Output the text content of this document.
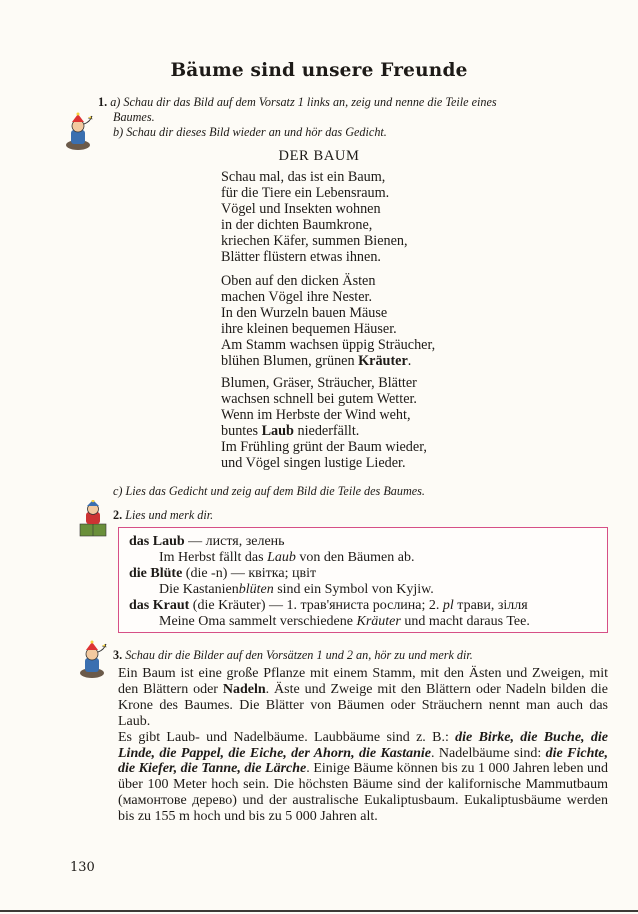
Bäume sind unsere Freunde
1. a) Schau dir das Bild auf dem Vorsatz 1 links an, zeig und nenne die Teile eines
Baumes.
b) Schau dir dieses Bild wieder an und hör das Gedicht.
DER BAUM
Schau mal, das ist ein Baum,
für die Tiere ein Lebensraum.
Vögel und Insekten wohnen
in der dichten Baumkrone,
kriechen Käfer, summen Bienen,
Blätter flüstern etwas ihnen.
Oben auf den dicken Ästen
machen Vögel ihre Nester.
In den Wurzeln bauen Mäuse
ihre kleinen bequemen Häuser.
Am Stamm wachsen üppig Sträucher,
blühen Blumen, grünen Kräuter.
Blumen, Gräser, Sträucher, Blätter
wachsen schnell bei gutem Wetter.
Wenn im Herbste der Wind weht,
buntes Laub niederfällt.
Im Frühling grünt der Baum wieder,
und Vögel singen lustige Lieder.
c) Lies das Gedicht und zeig auf dem Bild die Teile des Baumes.
2. Lies und merk dir.
das Laub — листя, зелень
Im Herbst fällt das Laub von den Bäumen ab.
die Blüte (die -n) — квітка; цвіт
Die Kastanienblüten sind ein Symbol von Kyjiw.
das Kraut (die Kräuter) — 1. трав'яниста рослина; 2. pl трави, зілля
Meine Oma sammelt verschiedene Kräuter und macht daraus Tee.
3. Schau dir die Bilder auf den Vorsätzen 1 und 2 an, hör zu und merk dir.

Ein Baum ist eine große Pflanze mit einem Stamm, mit den Ästen und Zweigen, mit den Blättern oder Nadeln. Äste und Zweige mit den Blättern oder Nadeln bilden die Krone des Baumes. Die Blätter von Bäumen oder Sträuchern nennt man auch das Laub.

Es gibt Laub- und Nadelbäume. Laubbäume sind z. B.: die Birke, die Buche, die Linde, die Pappel, die Eiche, der Ahorn, die Kastanie. Nadelbäume sind: die Fichte, die Kiefer, die Tanne, die Lärche. Einige Bäume können bis zu 1 000 Jahren leben und über 100 Meter hoch sein. Die höchsten Bäume sind der kalifornische Mammutbaum (мамонтове дерево) und der australische Eukaliptusbaum. Eukaliptusbäume werden bis zu 155 m hoch und bis zu 5 000 Jahren alt.

130
